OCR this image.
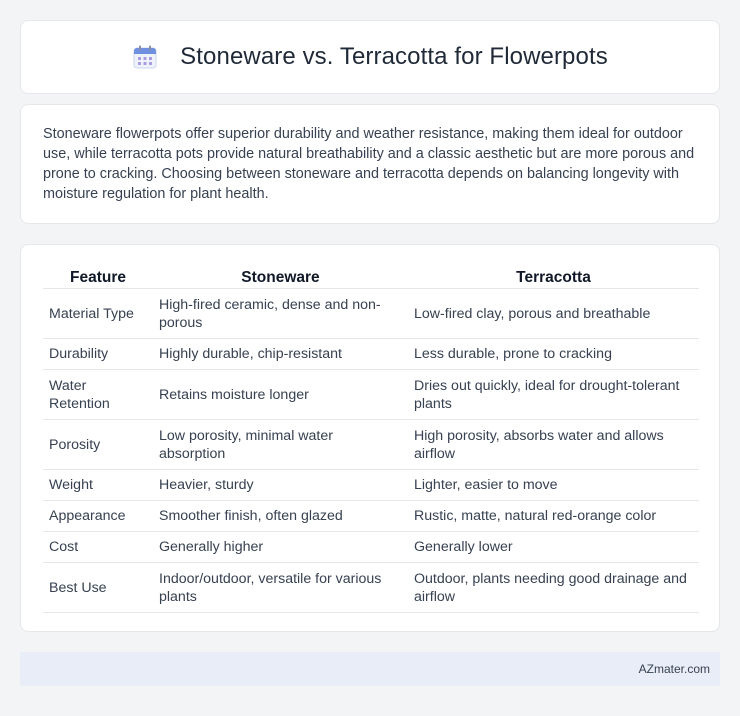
Stoneware vs. Terracotta for Flowerpots

Stoneware flowerpots offer superior durability and weather resistance, making them ideal for outdoor use, while terracotta pots provide natural breathability and a classic aesthetic but are more porous and prone to cracking. Choosing between stoneware and terracotta depends on balancing longevity with moisture regulation for plant health.

Feature	Stoneware	Terracotta
Material Type	High-fired ceramic, dense and non-porous	Low-fired clay, porous and breathable
Durability	Highly durable, chip-resistant	Less durable, prone to cracking
Water Retention	Retains moisture longer	Dries out quickly, ideal for drought-tolerant plants
Porosity	Low porosity, minimal water absorption	High porosity, absorbs water and allows airflow
Weight	Heavier, sturdy	Lighter, easier to move
Appearance	Smoother finish, often glazed	Rustic, matte, natural red-orange color
Cost	Generally higher	Generally lower
Best Use	Indoor/outdoor, versatile for various plants	Outdoor, plants needing good drainage and airflow
AZmater.com
